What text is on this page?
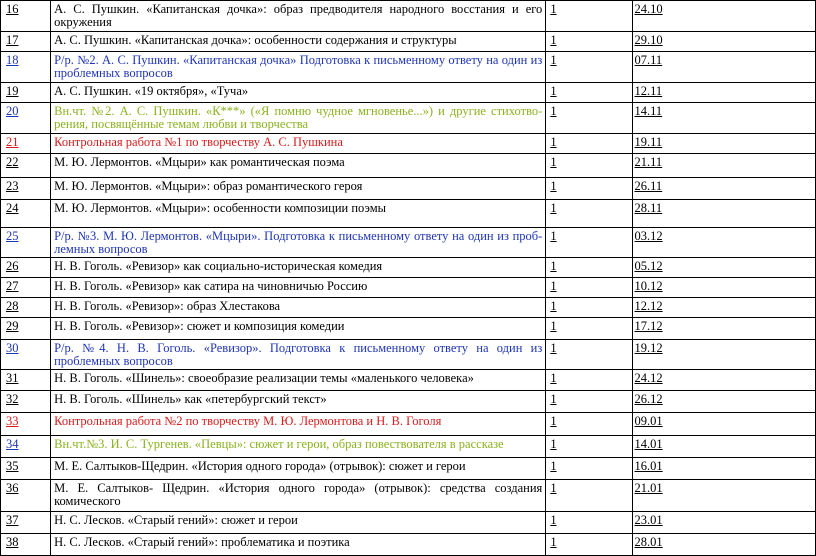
16	А. С. Пушкин. «Капитанская дочка»: образ предводителя народного восстания и его окружения	1	24.10
17	А. С. Пушкин. «Капитанская дочка»: особенности содержания и структуры	1	29.10
18	Р/р. №2. А. С. Пушкин. «Капитанская дочка» Подготовка к письменному ответу на один из проблемных вопросов	1	07.11
19	А. С. Пушкин. «19 октября», «Туча»	1	12.11
20	Вн.чт. №2. А. С. Пушкин. «К***» («Я помню чудное мгновенье...») и другие стихотво-рения, посвящённые темам любви и творчества	1	14.11
21	Контрольная работа №1 по творчеству А. С. Пушкина	1	19.11
22	М. Ю. Лермонтов. «Мцыри» как романтическая поэма	1	21.11
23	М. Ю. Лермонтов. «Мцыри»: образ романтического героя	1	26.11
24	М. Ю. Лермонтов. «Мцыри»: особенности композиции поэмы	1	28.11
25	Р/р. №3. М. Ю. Лермонтов. «Мцыри». Подготовка к письменному ответу на один из проб-лемных вопросов	1	03.12
26	Н. В. Гоголь. «Ревизор» как социально-историческая комедия	1	05.12
27	Н. В. Гоголь. «Ревизор» как сатира на чиновничью Россию	1	10.12
28	Н. В. Гоголь. «Ревизор»: образ Хлестакова	1	12.12
29	Н. В. Гоголь. «Ревизор»: сюжет и композиция комедии	1	17.12
30	Р/р. №4. Н. В. Гоголь. «Ревизор». Подготовка к письменному ответу на один из проблемных вопросов	1	19.12
31	Н. В. Гоголь. «Шинель»: своеобразие реализации темы «маленького человека»	1	24.12
32	Н. В. Гоголь. «Шинель» как «петербургский текст»	1	26.12
33	Контрольная работа №2 по творчеству М. Ю. Лермонтова и Н. В. Гоголя	1	09.01
34	Вн.чт.№3. И. С. Тургенев. «Певцы»: сюжет и герои, образ повествователя в рассказе	1	14.01
35	М. Е. Салтыков-Щедрин. «История одного города» (отрывок): сюжет и герои	1	16.01
36	М. Е. Салтыков- Щедрин. «История одного города» (отрывок): средства создания комического	1	21.01
37	Н. С. Лесков. «Старый гений»: сюжет и герои	1	23.01
38	Н. С. Лесков. «Старый гений»: проблематика и поэтика	1	28.01
